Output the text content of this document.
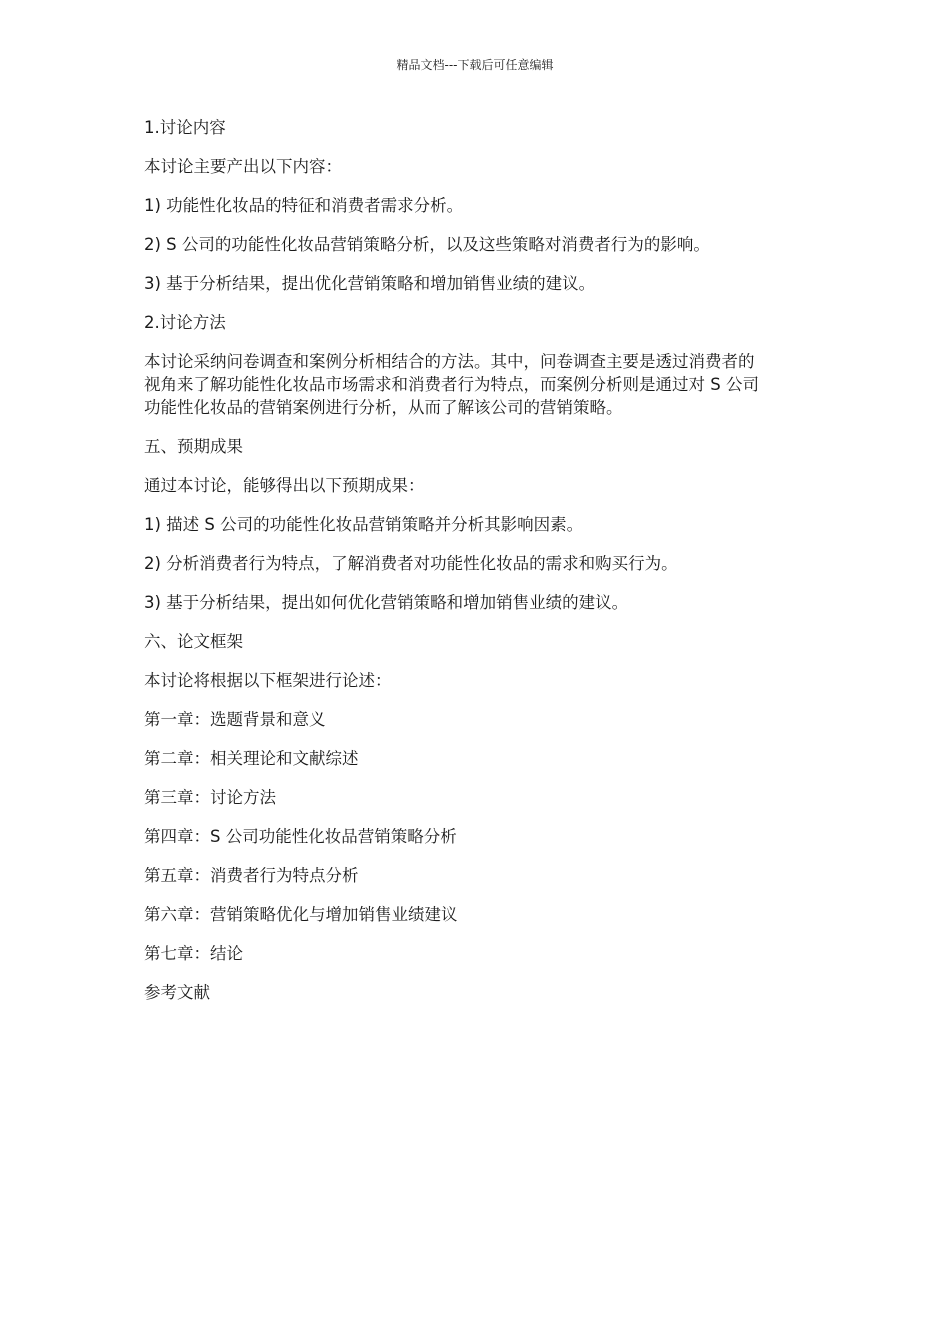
精品文档---下载后可任意编辑

1.讨论内容

本讨论主要产出以下内容：

1) 功能性化妆品的特征和消费者需求分析。

2) S 公司的功能性化妆品营销策略分析，以及这些策略对消费者行为的影响。

3) 基于分析结果，提出优化营销策略和增加销售业绩的建议。

2.讨论方法

本讨论采纳问卷调查和案例分析相结合的方法。其中，问卷调查主要是透过消费者的
视角来了解功能性化妆品市场需求和消费者行为特点，而案例分析则是通过对 S 公司
功能性化妆品的营销案例进行分析，从而了解该公司的营销策略。

五、预期成果

通过本讨论，能够得出以下预期成果：

1) 描述 S 公司的功能性化妆品营销策略并分析其影响因素。

2) 分析消费者行为特点，了解消费者对功能性化妆品的需求和购买行为。

3) 基于分析结果，提出如何优化营销策略和增加销售业绩的建议。

六、论文框架

本讨论将根据以下框架进行论述：

第一章：选题背景和意义

第二章：相关理论和文献综述

第三章：讨论方法

第四章：S 公司功能性化妆品营销策略分析

第五章：消费者行为特点分析

第六章：营销策略优化与增加销售业绩建议

第七章：结论

参考文献
